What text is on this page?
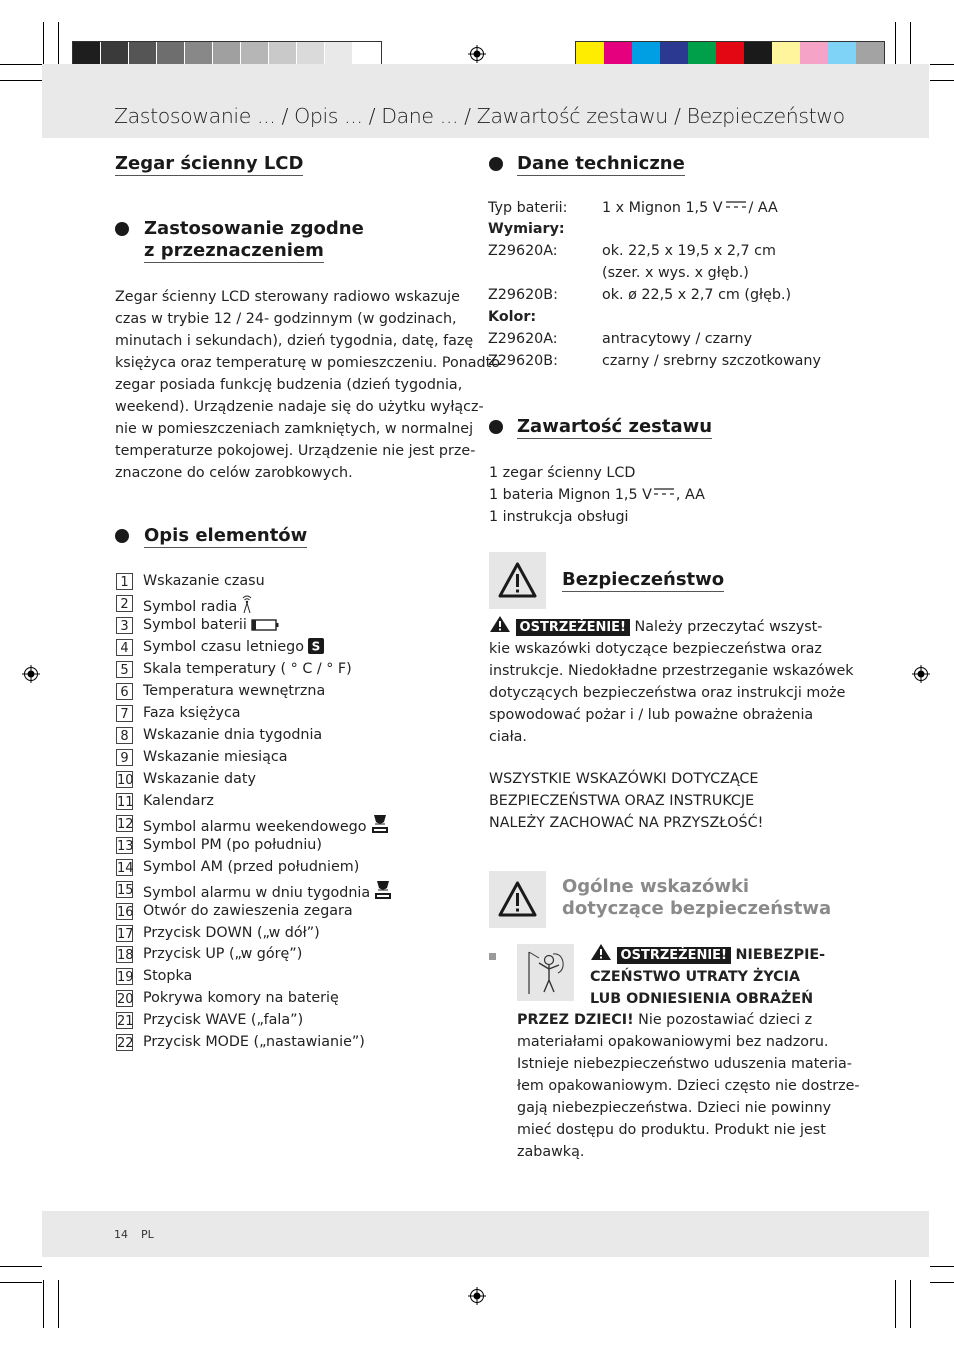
Zastosowanie ... / Opis ... / Dane ... / Zawartość zestawu / Bezpieczeństwo
Zegar ścienny LCD
Zastosowanie zgodne
z przeznaczeniem

Zegar ścienny LCD sterowany radiowo wskazuje

czas w trybie 12 / 24- godzinnym (w godzinach,

minutach i sekundach), dzień tygodnia, datę, fazę

księżyca oraz temperaturę w pomieszczeniu. Ponadto

zegar posiada funkcję budzenia (dzień tygodnia,

weekend). Urządzenie nadaje się do użytku wyłącz-

nie w pomieszczeniach zamkniętych, w normalnej

temperaturze pokojowej. Urządzenie nie jest prze-

znaczone do celów zarobkowych.

Opis elementów
1	Wskazanie czasu
2	Symbol radia
3	Symbol baterii
4	Symbol czasu letniego S
5	Skala temperatury ( ° C / ° F)
6	Temperatura wewnętrzna
7	Faza księżyca
8	Wskazanie dnia tygodnia
9	Wskazanie miesiąca
10 Wskazanie daty
11 Kalendarz
12 Symbol alarmu weekendowego
13 Symbol PM (po południu)
14 Symbol AM (przed południem)
15 Symbol alarmu w dniu tygodnia
16 Otwór do zawieszenia zegara
17 Przycisk DOWN („w dół”)
18 Przycisk UP („w górę”)
19 Stopka
20 Pokrywa komory na baterię
21 Przycisk WAVE („fala”)
22 Przycisk MODE („nastawianie”)
Dane techniczne
Typ baterii: 1 x Mignon 1,5 V / AA
Wymiary:
Z29620A:	ok. 22,5 x 19,5 x 2,7 cm
(szer. x wys. x głęb.)
Z29620B:	ok. ø 22,5 x 2,7 cm (głęb.)
Kolor:
Z29620A:	antracytowy / czarny
Z29620B:	czarny / srebrny szczotkowany
Zawartość zestawu

1 zegar ścienny LCD

1 bateria Mignon 1,5 V , AA

1 instrukcja obsługi

Bezpieczeństwo

OSTRZEŻENIE! Należy przeczytać wszyst-

kie wskazówki dotyczące bezpieczeństwa oraz

instrukcje. Niedokładne przestrzeganie wskazówek

dotyczących bezpieczeństwa oraz instrukcji może

spowodować pożar i / lub poważne obrażenia

ciała.

WSZYSTKIE WSKAZÓWKI DOTYCZĄCE

BEZPIECZEŃSTWA ORAZ INSTRUKCJE

NALEŻY ZACHOWAĆ NA PRZYSZŁOŚĆ!

Ogólne wskazówki
dotyczące bezpieczeństwa

OSTRZEŻENIE! NIEBEZPIE-

CZEŃSTWO UTRATY ŻYCIA

LUB ODNIESIENIA OBRAŻEŃ

PRZEZ DZIECI! Nie pozostawiać dzieci z

materiałami opakowaniowymi bez nadzoru.

Istnieje niebezpieczeństwo uduszenia materia-

łem opakowaniowym. Dzieci często nie dostrze-

gają niebezpieczeństwa. Dzieci nie powinny

mieć dostępu do produktu. Produkt nie jest

zabawką.

14 PL
